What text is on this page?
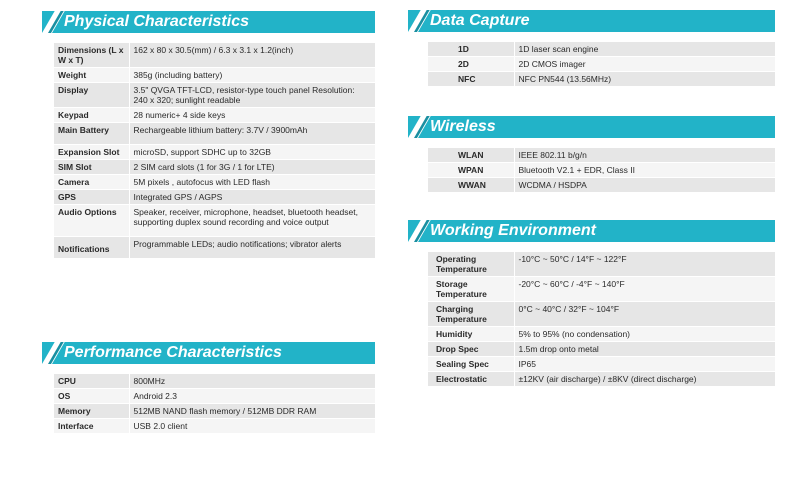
Physical Characteristics
Dimensions (L x W x T)	162 x 80 x 30.5(mm) / 6.3 x 3.1 x 1.2(inch)
Weight	385g (including battery)
Display	3.5" QVGA TFT-LCD, resistor-type touch panel Resolution: 240 x 320; sunlight readable
Keypad	28 numeric+ 4 side keys
Main Battery	Rechargeable lithium battery: 3.7V / 3900mAh
Expansion Slot	microSD, support SDHC up to 32GB
SIM Slot	2 SIM card slots (1 for 3G / 1 for LTE)
Camera	5M pixels , autofocus with LED flash
GPS	Integrated GPS / AGPS
Audio Options	Speaker, receiver, microphone, headset, bluetooth headset, supporting duplex sound recording and voice output
Notifications	Programmable LEDs; audio notifications; vibrator alerts
Performance Characteristics
CPU	800MHz
OS	Android 2.3
Memory	512MB NAND flash memory / 512MB DDR RAM
Interface	USB 2.0 client
Data Capture
1D	1D laser scan engine
2D	2D CMOS imager
NFC	NFC PN544 (13.56MHz)
Wireless
WLAN	IEEE 802.11 b/g/n
WPAN	Bluetooth V2.1 + EDR, Class II
WWAN	WCDMA / HSDPA
Working Environment
Operating Temperature	-10°C ~ 50°C / 14°F ~ 122°F
Storage Temperature	-20°C ~ 60°C / -4°F ~ 140°F
Charging Temperature	0°C ~ 40°C / 32°F ~ 104°F
Humidity	5% to 95% (no condensation)
Drop Spec	1.5m drop onto metal
Sealing Spec	IP65
Electrostatic	±12KV (air discharge) / ±8KV (direct discharge)
